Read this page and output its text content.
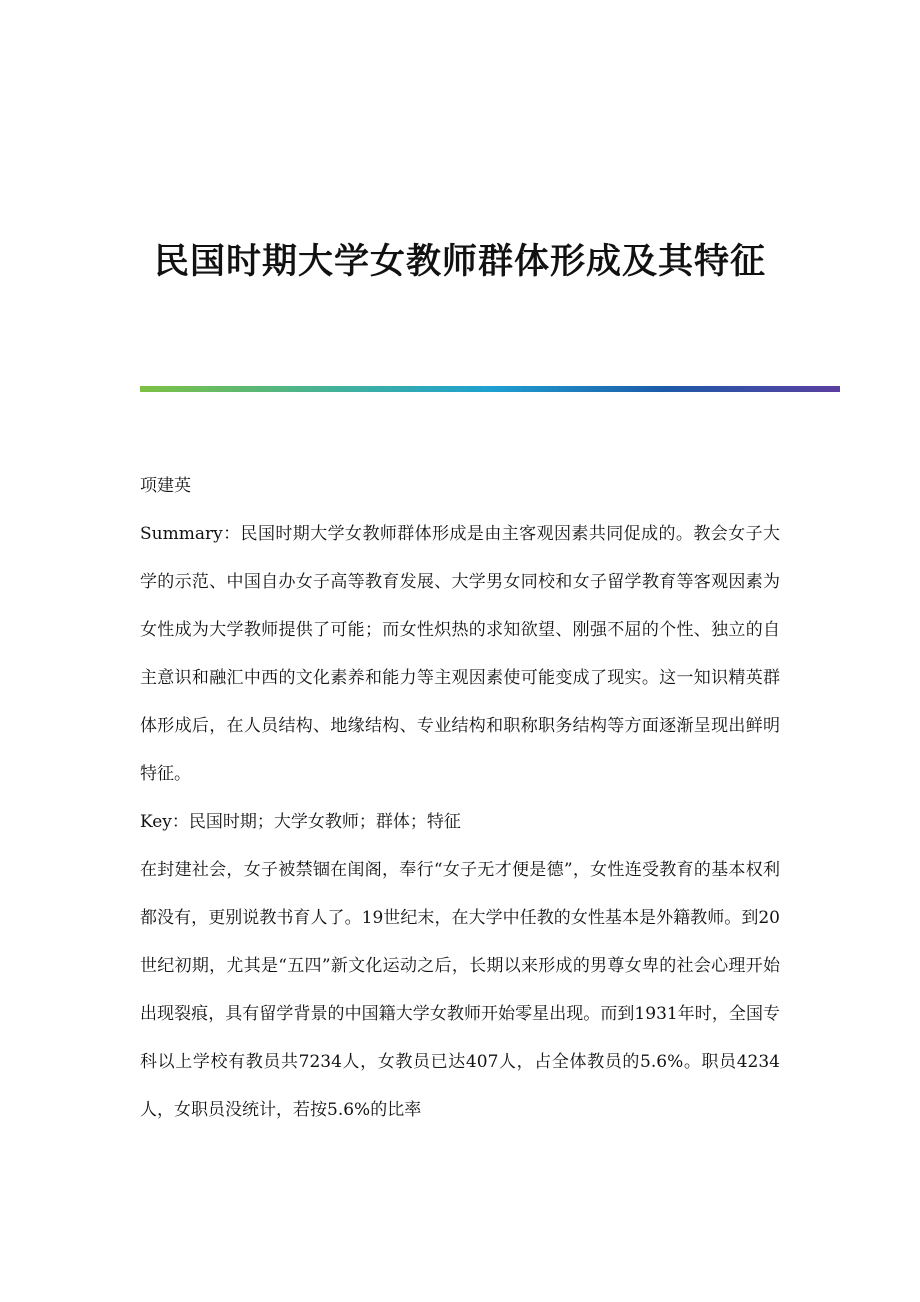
民国时期大学女教师群体形成及其特征

项建英

Summary：民国时期大学女教师群体形成是由主客观因素共同促成的。教会女子大学的示范、中国自办女子高等教育发展、大学男女同校和女子留学教育等客观因素为女性成为大学教师提供了可能；而女性炽热的求知欲望、刚强不屈的个性、独立的自主意识和融汇中西的文化素养和能力等主观因素使可能变成了现实。这一知识精英群体形成后，在人员结构、地缘结构、专业结构和职称职务结构等方面逐渐呈现出鲜明特征。

Key：民国时期；大学女教师；群体；特征

在封建社会，女子被禁锢在闺阁，奉行“女子无才便是德”，女性连受教育的基本权利都没有，更别说教书育人了。19世纪末，在大学中任教的女性基本是外籍教师。到20世纪初期，尤其是“五四”新文化运动之后，长期以来形成的男尊女卑的社会心理开始出现裂痕，具有留学背景的中国籍大学女教师开始零星出现。而到1931年时，全国专科以上学校有教员共7234人，女教员已达407人，占全体教员的5.6%。职员4234人，女职员没统计，若按5.6%的比率
